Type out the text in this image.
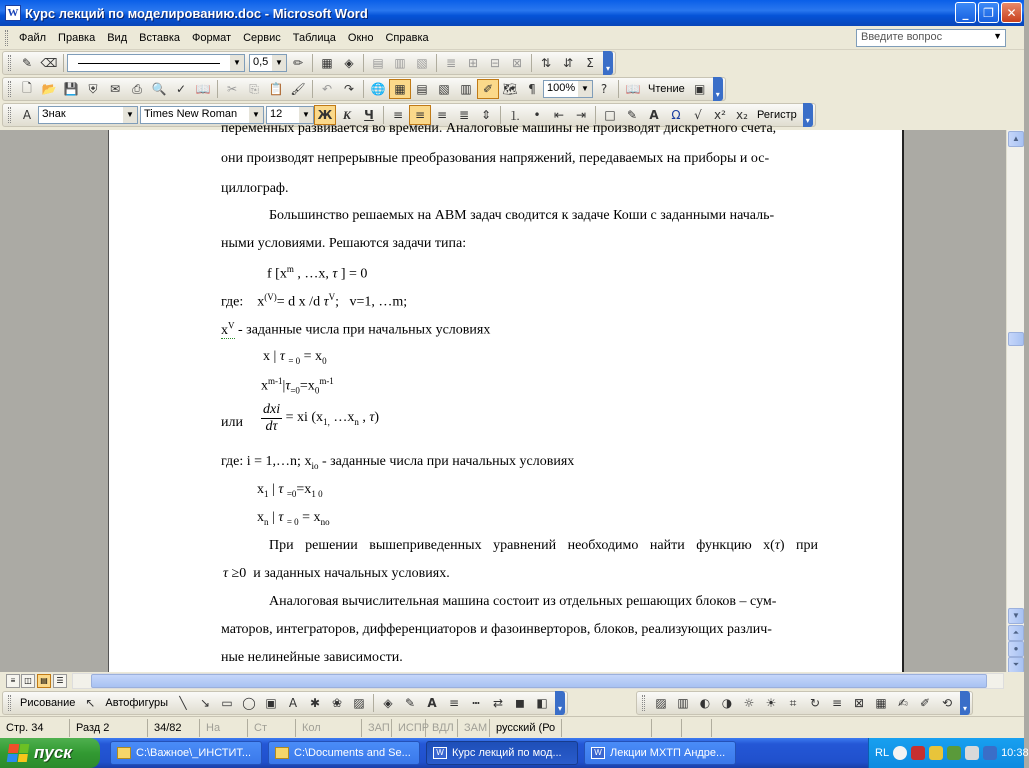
W Курс лекций по моделированию.doc - Microsoft Word	_	❐	✕
Файл	Правка	Вид	Вставка	Формат	Сервис	Таблица	Окно	Справка	Введите вопрос	▼
✎ ⌫	▼	0,5 ▼ ✏	▦ ◈	▤ ▥ ▧	≣ ⊞ ⊟ ⊠	⇅ ⇵	Σ	▾
🗋 📂 💾 ⛨	✉	⎙ 🔍 ✓ 📖	✂	⎘ 📋 🖌	↶ ↷	🌐 ▦ ▤ ▧ ▥ ✐ 🗺 ¶	100% ▼ ?	📖 Чтение ▣	▾
A Знак	▼ Times New Roman	▼ 12	▼ Ж К	Ч	≡ ≡ ≡ ≣ ⇕	⒈	•	⇤ ⇥	□ ✎	A	Ω	√	x² x₂ Регистр	▾
переменных развивается во времени. Аналоговые машины не производят дискретного счета,
они производят непрерывные преобразования напряжений, передаваемых на приборы и ос-
циллограф.
Большинство решаемых на АВМ задач сводится к задаче Коши с заданными началь-
ными условиями. Решаются задачи типа:
f [$x^m$ , …x, τ ] = 0
где:    $x^{(V)}= d$ x /d $\tau^V$;   v=1, …m;
$x^V$ - заданные числа при начальных условиях
x | τ $_{= 0} = x_0$
$x^{m-1}|\tau_{=0}=x_0^{m-1}$
или
dxi
dτ
= xi ($x_{1,}$ $\dots x_n$ , τ)
где: i = 1,…n; $x_{io}$ - заданные числа при начальных условиях
$x_1$ | τ $_{=0}=x_{1 0}$
$x_n$ | τ $_{= 0} = x_{no}$
При решении вышеприведенных уравнений необходимо найти функцию x(τ) при
τ ≥0  и заданных начальных условиях.
Аналоговая вычислительная машина состоит из отдельных решающих блоков – сум-
маторов, интеграторов, дифференциаторов и фазоинверторов, блоков, реализующих различ-
ные нелинейные зависимости.
▲
▼
⏶
●
⏷
≡	◫	▤	☰
Рисование ↖ Автофигуры ╲	↘ ▭ ◯ ▣	A	✱ ❀ ▨	◈	✎	A	≡	┅	⇄ ◼ ◧	▾	▨ ▥ ◐ ◑ ☼ ☀	⌗	↻ ≡ ⊠ ▦ ✍ ✐ ⟲	▾
Стр. 34	Разд 2	34/82	На	Ст	Кол	ЗАП ИСПР ВДЛ ЗАМ русский (Ро
пуск	C:\Важное\_ИНСТИТ...	C:\Documents and Se...	W Курс лекций по мод...	W Лекции МХТП Андре...	RL	10:38
